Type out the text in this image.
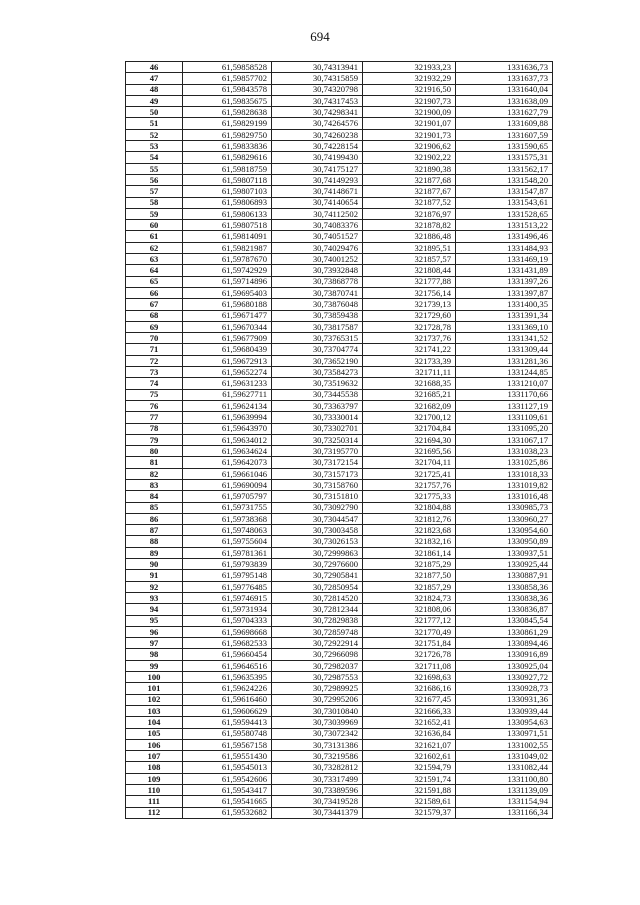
694
46	61,59858528	30,74313941	321933,23	1331636,73
47	61,59857702	30,74315859	321932,29	1331637,73
48	61,59843578	30,74320798	321916,50	1331640,04
49	61,59835675	30,74317453	321907,73	1331638,09
50	61,59828638	30,74298341	321900,09	1331627,79
51	61,59829199	30,74264576	321901,07	1331609,88
52	61,59829750	30,74260238	321901,73	1331607,59
53	61,59833836	30,74228154	321906,62	1331590,65
54	61,59829616	30,74199430	321902,22	1331575,31
55	61,59818759	30,74175127	321890,38	1331562,17
56	61,59807118	30,74149293	321877,68	1331548,20
57	61,59807103	30,74148671	321877,67	1331547,87
58	61,59806893	30,74140654	321877,52	1331543,61
59	61,59806133	30,74112502	321876,97	1331528,65
60	61,59807518	30,74083376	321878,82	1331513,22
61	61,59814091	30,74051527	321886,48	1331496,46
62	61,59821987	30,74029476	321895,51	1331484,93
63	61,59787670	30,74001252	321857,57	1331469,19
64	61,59742929	30,73932848	321808,44	1331431,89
65	61,59714896	30,73868778	321777,88	1331397,26
66	61,59695403	30,73870741	321756,14	1331397,87
67	61,59680188	30,73876048	321739,13	1331400,35
68	61,59671477	30,73859438	321729,60	1331391,34
69	61,59670344	30,73817587	321728,78	1331369,10
70	61,59677909	30,73765315	321737,76	1331341,52
71	61,59680439	30,73704774	321741,22	1331309,44
72	61,59672913	30,73652190	321733,39	1331281,36
73	61,59652274	30,73584273	321711,11	1331244,85
74	61,59631233	30,73519632	321688,35	1331210,07
75	61,59627711	30,73445538	321685,21	1331170,66
76	61,59624134	30,73363797	321682,09	1331127,19
77	61,59639994	30,73330014	321700,12	1331109,61
78	61,59643970	30,73302701	321704,84	1331095,20
79	61,59634012	30,73250314	321694,30	1331067,17
80	61,59634624	30,73195770	321695,56	1331038,23
81	61,59642073	30,73172154	321704,11	1331025,86
82	61,59661046	30,73157173	321725,41	1331018,33
83	61,59690094	30,73158760	321757,76	1331019,82
84	61,59705797	30,73151810	321775,33	1331016,48
85	61,59731755	30,73092790	321804,88	1330985,73
86	61,59738368	30,73044547	321812,76	1330960,27
87	61,59748063	30,73003458	321823,68	1330954,60
88	61,59755604	30,73026153	321832,16	1330950,89
89	61,59781361	30,72999863	321861,14	1330937,51
90	61,59793839	30,72976600	321875,29	1330925,44
91	61,59795148	30,72905841	321877,50	1330887,91
92	61,59776485	30,72850954	321857,29	1330858,36
93	61,59746915	30,72814520	321824,73	1330838,36
94	61,59731934	30,72812344	321808,06	1330836,87
95	61,59704333	30,72829838	321777,12	1330845,54
96	61,59698668	30,72859748	321770,49	1330861,29
97	61,59682533	30,72922914	321751,84	1330894,46
98	61,59660454	30,72966098	321726,78	1330916,89
99	61,59646516	30,72982037	321711,08	1330925,04
100	61,59635395	30,72987553	321698,63	1330927,72
101	61,59624226	30,72989925	321686,16	1330928,73
102	61,59616460	30,72995206	321677,45	1330931,36
103	61,59606629	30,73010840	321666,33	1330939,44
104	61,59594413	30,73039969	321652,41	1330954,63
105	61,59580748	30,73072342	321636,84	1330971,51
106	61,59567158	30,73131386	321621,07	1331002,55
107	61,59551430	30,73219586	321602,61	1331049,02
108	61,59545013	30,73282812	321594,79	1331082,44
109	61,59542606	30,73317499	321591,74	1331100,80
110	61,59543417	30,73389596	321591,88	1331139,09
111	61,59541665	30,73419528	321589,61	1331154,94
112	61,59532682	30,73441379	321579,37	1331166,34
